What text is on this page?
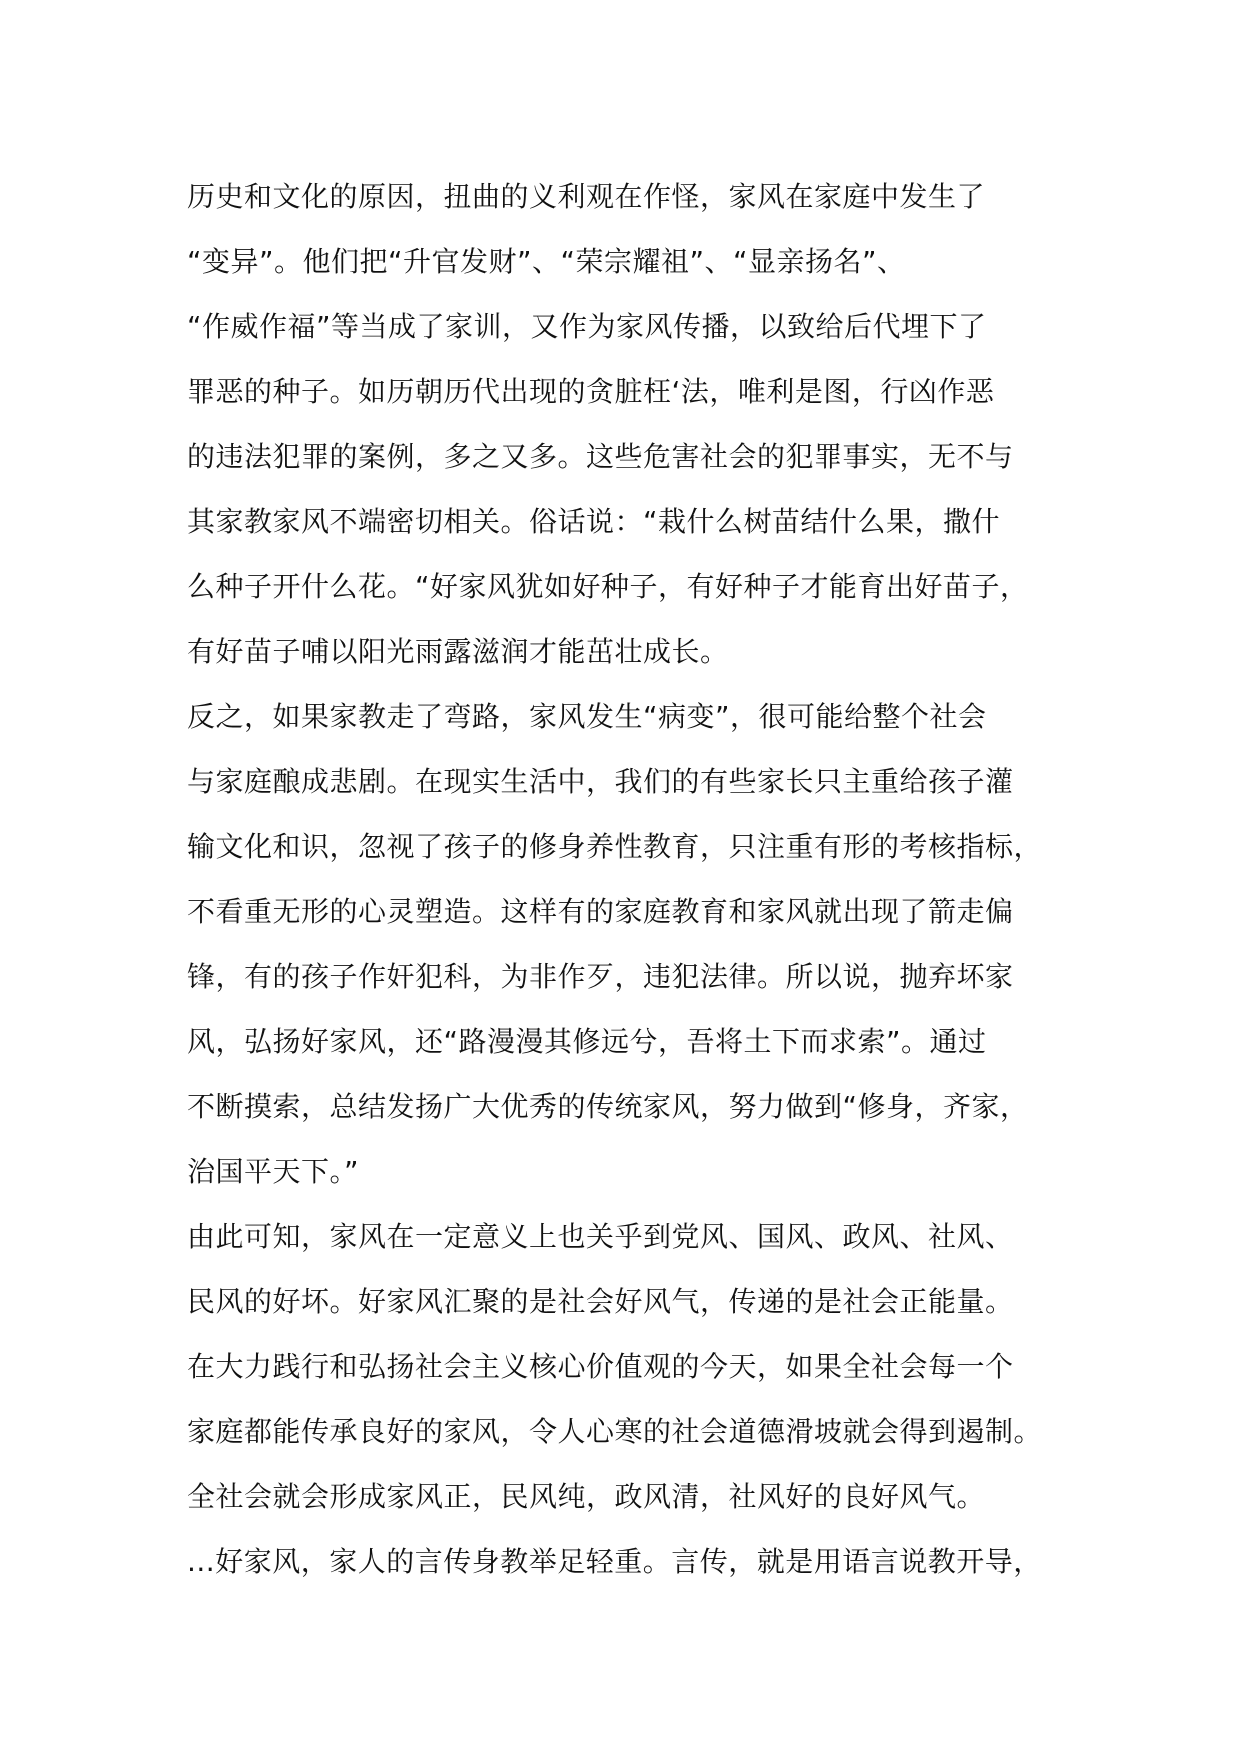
历史和文化的原因，扭曲的义利观在作怪，家风在家庭中发生了
“变异”。他们把“升官发财”、“荣宗耀祖”、“显亲扬名”、
“作威作福”等当成了家训，又作为家风传播，以致给后代埋下了
罪恶的种子。如历朝历代出现的贪脏枉‘法，唯利是图，行凶作恶
的违法犯罪的案例，多之又多。这些危害社会的犯罪事实，无不与
其家教家风不端密切相关。俗话说：“栽什么树苗结什么果，撒什
么种子开什么花。“好家风犹如好种子，有好种子才能育出好苗子，
有好苗子哺以阳光雨露滋润才能茁壮成长。
反之，如果家教走了弯路，家风发生“病变”，很可能给整个社会
与家庭酿成悲剧。在现实生活中，我们的有些家长只主重给孩子灌
输文化和识，忽视了孩子的修身养性教育，只注重有形的考核指标，
不看重无形的心灵塑造。这样有的家庭教育和家风就出现了箭走偏
锋，有的孩子作奸犯科，为非作歹，违犯法律。所以说，抛弃坏家
风，弘扬好家风，还“路漫漫其修远兮，吾将土下而求索”。通过
不断摸索，总结发扬广大优秀的传统家风，努力做到“修身，齐家，
治国平天下。”
由此可知，家风在一定意义上也关乎到党风、国风、政风、社风、
民风的好坏。好家风汇聚的是社会好风气，传递的是社会正能量。
在大力践行和弘扬社会主义核心价值观的今天，如果全社会每一个
家庭都能传承良好的家风，令人心寒的社会道德滑坡就会得到遏制。
全社会就会形成家风正，民风纯，政风清，社风好的良好风气。
...好家风，家人的言传身教举足轻重。言传，就是用语言说教开导，
